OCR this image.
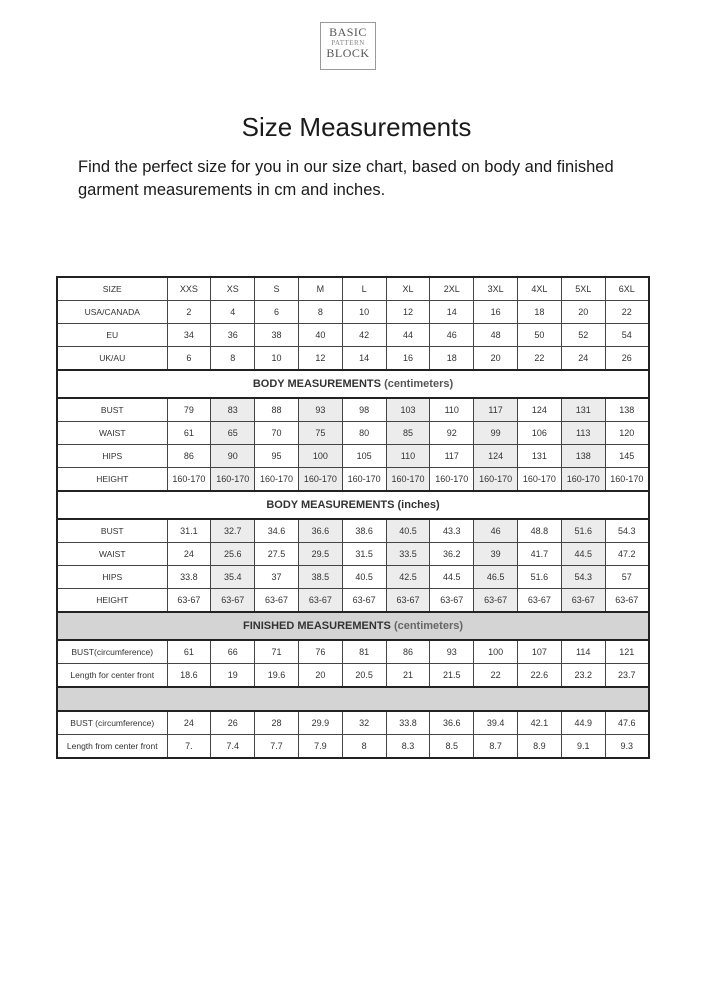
BASIC
PATTERN
BLOCK
Size Measurements

Find the perfect size for you in our size chart, based on body and finished garment measurements in cm and inches.

SIZE	XXS	XS	S	M	L	XL	2XL	3XL	4XL	5XL	6XL
USA/CANADA	2	4	6	8	10	12	14	16	18	20	22
EU	34	36	38	40	42	44	46	48	50	52	54
UK/AU	6	8	10	12	14	16	18	20	22	24	26
BODY MEASUREMENTS (centimeters)											
BUST	79	83	88	93	98	103	110	117	124	131	138
WAIST	61	65	70	75	80	85	92	99	106	113	120
HIPS	86	90	95	100	105	110	117	124	131	138	145
HEIGHT	160-170	160-170	160-170	160-170	160-170	160-170	160-170	160-170	160-170	160-170	160-170
BODY MEASUREMENTS (inches)											
BUST	31.1	32.7	34.6	36.6	38.6	40.5	43.3	46	48.8	51.6	54.3
WAIST	24	25.6	27.5	29.5	31.5	33.5	36.2	39	41.7	44.5	47.2
HIPS	33.8	35.4	37	38.5	40.5	42.5	44.5	46.5	51.6	54.3	57
HEIGHT	63-67	63-67	63-67	63-67	63-67	63-67	63-67	63-67	63-67	63-67	63-67
FINISHED MEASUREMENTS (centimeters)											
BUST(circumference)	61	66	71	76	81	86	93	100	107	114	121
Length for center front	18.6	19	19.6	20	20.5	21	21.5	22	22.6	23.2	23.7

BUST (circumference)	24	26	28	29.9	32	33.8	36.6	39.4	42.1	44.9	47.6
Length from center front	7.	7.4	7.7	7.9	8	8.3	8.5	8.7	8.9	9.1	9.3
